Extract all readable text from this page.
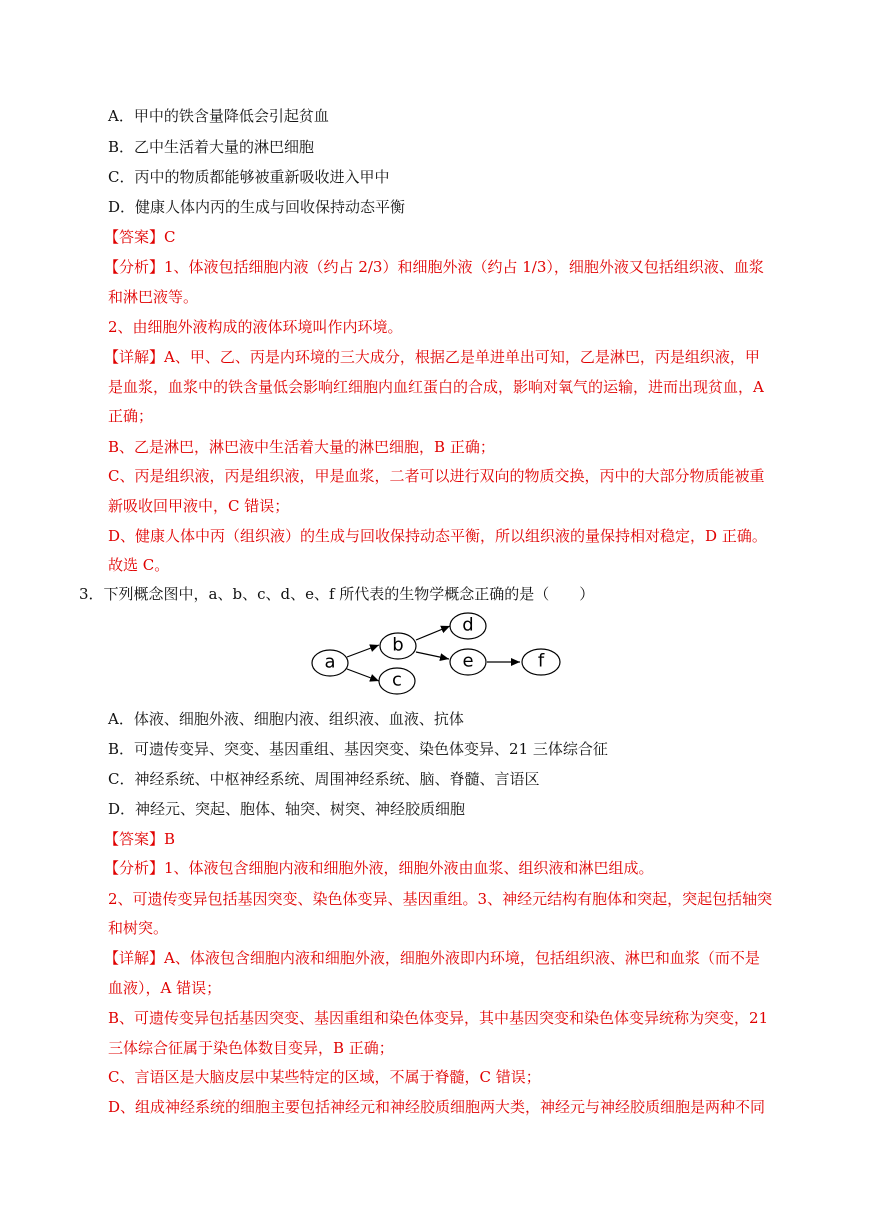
A．甲中的铁含量降低会引起贫血
B．乙中生活着大量的淋巴细胞
C．丙中的物质都能够被重新吸收进入甲中
D．健康人体内丙的生成与回收保持动态平衡
【答案】C
【分析】1、体液包括细胞内液（约占 2/3）和细胞外液（约占 1/3），细胞外液又包括组织液、血浆
和淋巴液等。
2、由细胞外液构成的液体环境叫作内环境。
【详解】A、甲、乙、丙是内环境的三大成分，根据乙是单进单出可知，乙是淋巴，丙是组织液，甲
是血浆，血浆中的铁含量低会影响红细胞内血红蛋白的合成，影响对氧气的运输，进而出现贫血，A
正确；
B、乙是淋巴，淋巴液中生活着大量的淋巴细胞，B 正确；
C、丙是组织液，丙是组织液，甲是血浆，二者可以进行双向的物质交换，丙中的大部分物质能被重
新吸收回甲液中，C 错误；
D、健康人体中丙（组织液）的生成与回收保持动态平衡，所以组织液的量保持相对稳定，D 正确。
故选 C。
3．下列概念图中，a、b、c、d、e、f 所代表的生物学概念正确的是（　　）
a
b
c
d
e	f
A．体液、细胞外液、细胞内液、组织液、血液、抗体
B．可遗传变异、突变、基因重组、基因突变、染色体变异、21 三体综合征
C．神经系统、中枢神经系统、周围神经系统、脑、脊髓、言语区
D．神经元、突起、胞体、轴突、树突、神经胶质细胞
【答案】B
【分析】1、体液包含细胞内液和细胞外液，细胞外液由血浆、组织液和淋巴组成。
2、可遗传变异包括基因突变、染色体变异、基因重组。3、神经元结构有胞体和突起，突起包括轴突
和树突。
【详解】A、体液包含细胞内液和细胞外液，细胞外液即内环境，包括组织液、淋巴和血浆（而不是
血液），A 错误；
B、可遗传变异包括基因突变、基因重组和染色体变异，其中基因突变和染色体变异统称为突变，21
三体综合征属于染色体数目变异，B 正确；
C、言语区是大脑皮层中某些特定的区域，不属于脊髓，C 错误；
D、组成神经系统的细胞主要包括神经元和神经胶质细胞两大类，神经元与神经胶质细胞是两种不同
